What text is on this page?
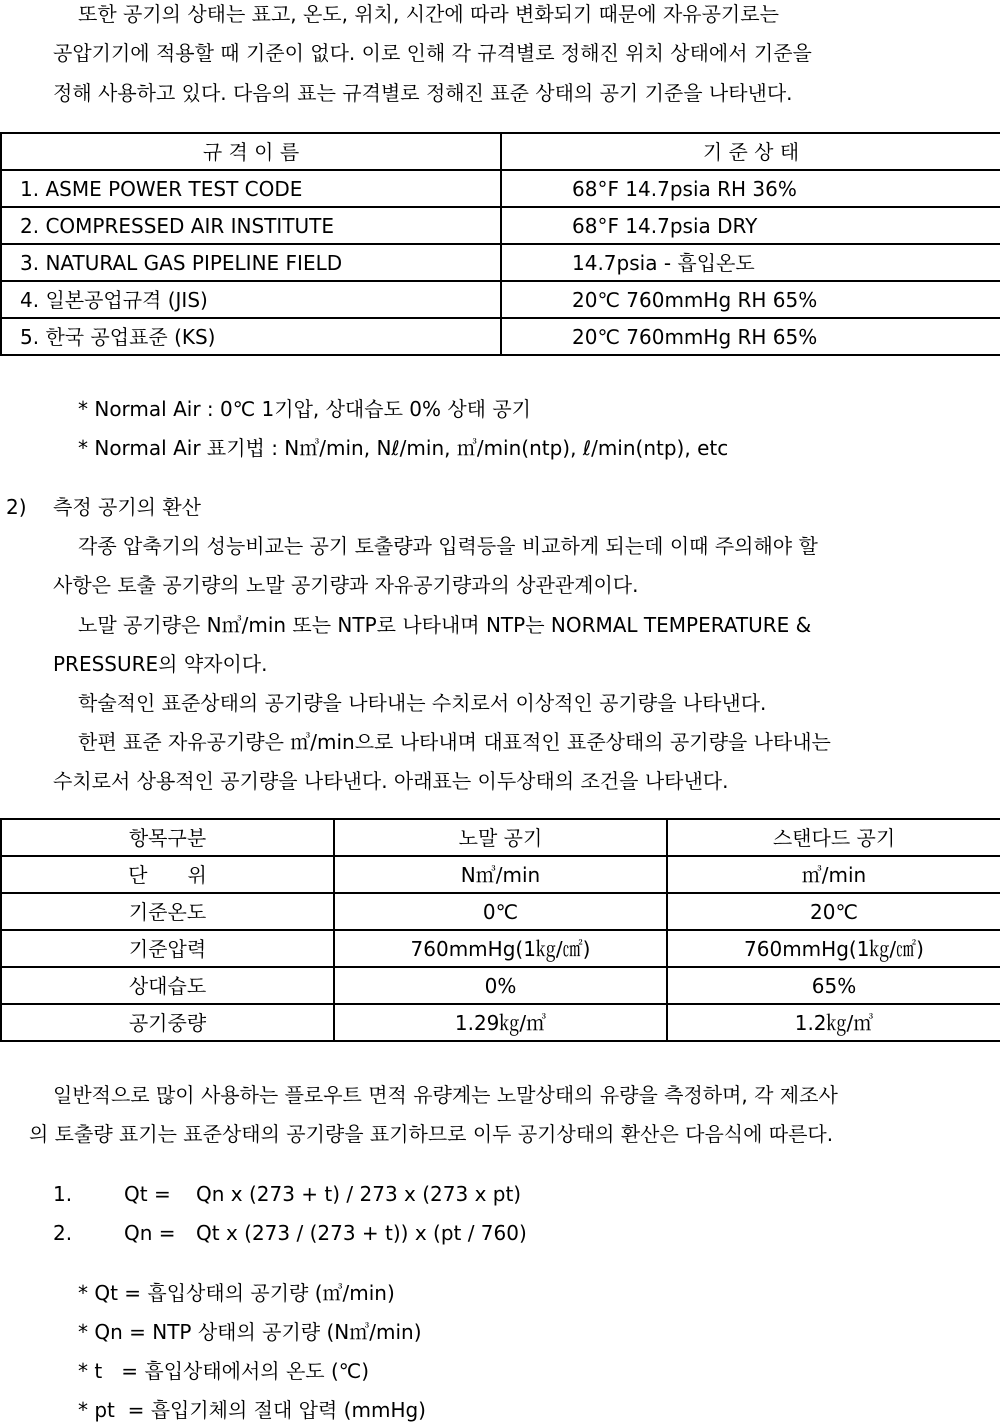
또한 공기의 상태는 표고, 온도, 위치, 시간에 따라 변화되기 때문에 자유공기로는
공압기기에 적용할 때 기준이 없다. 이로 인해 각 규격별로 정해진 위치 상태에서 기준을
정해 사용하고 있다. 다음의 표는 규격별로 정해진 표준 상태의 공기 기준을 나타낸다.
규 격 이 름	기 준 상 태
1. ASME POWER TEST CODE	68°F 14.7psia RH 36%
2. COMPRESSED AIR INSTITUTE	68°F 14.7psia DRY
3. NATURAL GAS PIPELINE FIELD	14.7psia - 흡입온도
4. 일본공업규격 (JIS)	20℃ 760mmHg RH 65%
5. 한국 공업표준 (KS)	20℃ 760mmHg RH 65%
* Normal Air : 0℃ 1기압, 상대습도 0% 상태 공기
* Normal Air 표기법 : N㎥/min, Nℓ/min, ㎥/min(ntp), ℓ/min(ntp), etc
2) 측정 공기의 환산
각종 압축기의 성능비교는 공기 토출량과 입력등을 비교하게 되는데 이때 주의해야 할
사항은 토출 공기량의 노말 공기량과 자유공기량과의 상관관계이다.
노말 공기량은 N㎥/min 또는 NTP로 나타내며 NTP는 NORMAL TEMPERATURE &
PRESSURE의 약자이다.
학술적인 표준상태의 공기량을 나타내는 수치로서 이상적인 공기량을 나타낸다.
한편 표준 자유공기량은 ㎥/min으로 나타내며 대표적인 표준상태의 공기량을 나타내는
수치로서 상용적인 공기량을 나타낸다. 아래표는 이두상태의 조건을 나타낸다.
항목구분	노말 공기	스탠다드 공기
단　　위	N㎥/min	㎥/min
기준온도	0℃	20℃
기준압력	760mmHg(1㎏/㎠)	760mmHg(1㎏/㎠)
상대습도	0%	65%
공기중량	1.29㎏/㎥	1.2㎏/㎥
일반적으로 많이 사용하는 플로우트 면적 유량계는 노말상태의 유량을 측정하며, 각 제조사
의 토출량 표기는 표준상태의 공기량을 표기하므로 이두 공기상태의 환산은 다음식에 따른다.
1.	Qt = Qn x (273 + t) / 273 x (273 x pt)
2.	Qn = Qt x (273 / (273 + t)) x (pt / 760)
* Qt = 흡입상태의 공기량 (㎥/min)
* Qn = NTP 상태의 공기량 (N㎥/min)
* t   = 흡입상태에서의 온도 (℃)
* pt  = 흡입기체의 절대 압력 (mmHg)
